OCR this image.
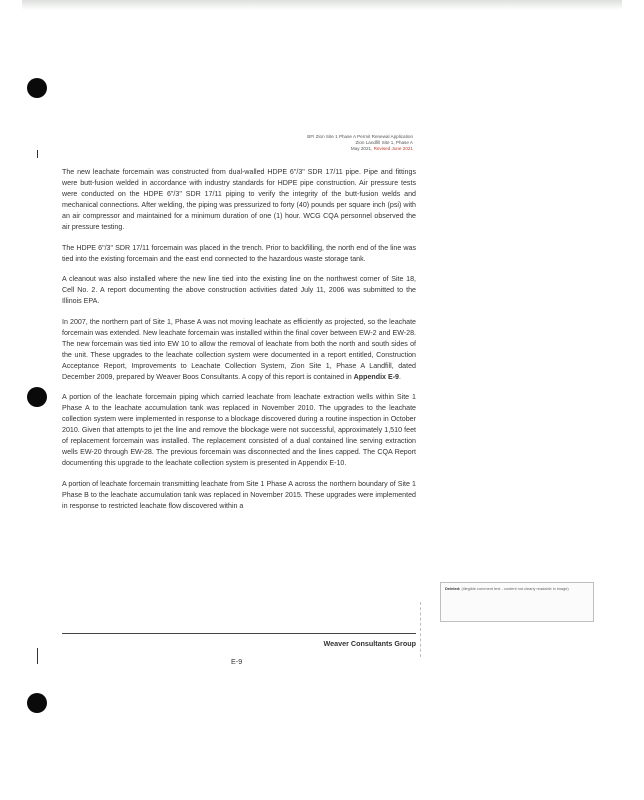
BFI Zion Site 1 Phase A Permit Renewal Application
Zion Landfill Site 1, Phase A
May 2021, Revised June 2021

The new leachate forcemain was constructed from dual-walled HDPE 6"/3" SDR 17/11 pipe. Pipe and fittings were butt-fusion welded in accordance with industry standards for HDPE pipe construction. Air pressure tests were conducted on the HDPE 6"/3" SDR 17/11 piping to verify the integrity of the butt-fusion welds and mechanical connections. After welding, the piping was pressurized to forty (40) pounds per square inch (psi) with an air compressor and maintained for a minimum duration of one (1) hour. WCG CQA personnel observed the air pressure testing.

The HDPE 6"/3" SDR 17/11 forcemain was placed in the trench. Prior to backfilling, the north end of the line was tied into the existing forcemain and the east end connected to the hazardous waste storage tank.

A cleanout was also installed where the new line tied into the existing line on the northwest corner of Site 18, Cell No. 2. A report documenting the above construction activities dated July 11, 2006 was submitted to the Illinois EPA.

In 2007, the northern part of Site 1, Phase A was not moving leachate as efficiently as projected, so the leachate forcemain was extended. New leachate forcemain was installed within the final cover between EW-2 and EW-28. The new forcemain was tied into EW 10 to allow the removal of leachate from both the north and south sides of the unit. These upgrades to the leachate collection system were documented in a report entitled, Construction Acceptance Report, Improvements to Leachate Collection System, Zion Site 1, Phase A Landfill, dated December 2009, prepared by Weaver Boos Consultants. A copy of this report is contained in Appendix E-9.

A portion of the leachate forcemain piping which carried leachate from leachate extraction wells within Site 1 Phase A to the leachate accumulation tank was replaced in November 2010. The upgrades to the leachate collection system were implemented in response to a blockage discovered during a routine inspection in October 2010. Given that attempts to jet the line and remove the blockage were not successful, approximately 1,510 feet of replacement forcemain was installed. The replacement consisted of a dual contained line serving extraction wells EW-20 through EW-28. The previous forcemain was disconnected and the lines capped. The CQA Report documenting this upgrade to the leachate collection system is presented in Appendix E-10.

A portion of leachate forcemain transmitting leachate from Site 1 Phase A across the northern boundary of Site 1 Phase B to the leachate accumulation tank was replaced in November 2015. These upgrades were implemented in response to restricted leachate flow discovered within a

Deleted: (Illegible comment text - content not clearly readable in image)
Weaver Consultants Group
E-9
